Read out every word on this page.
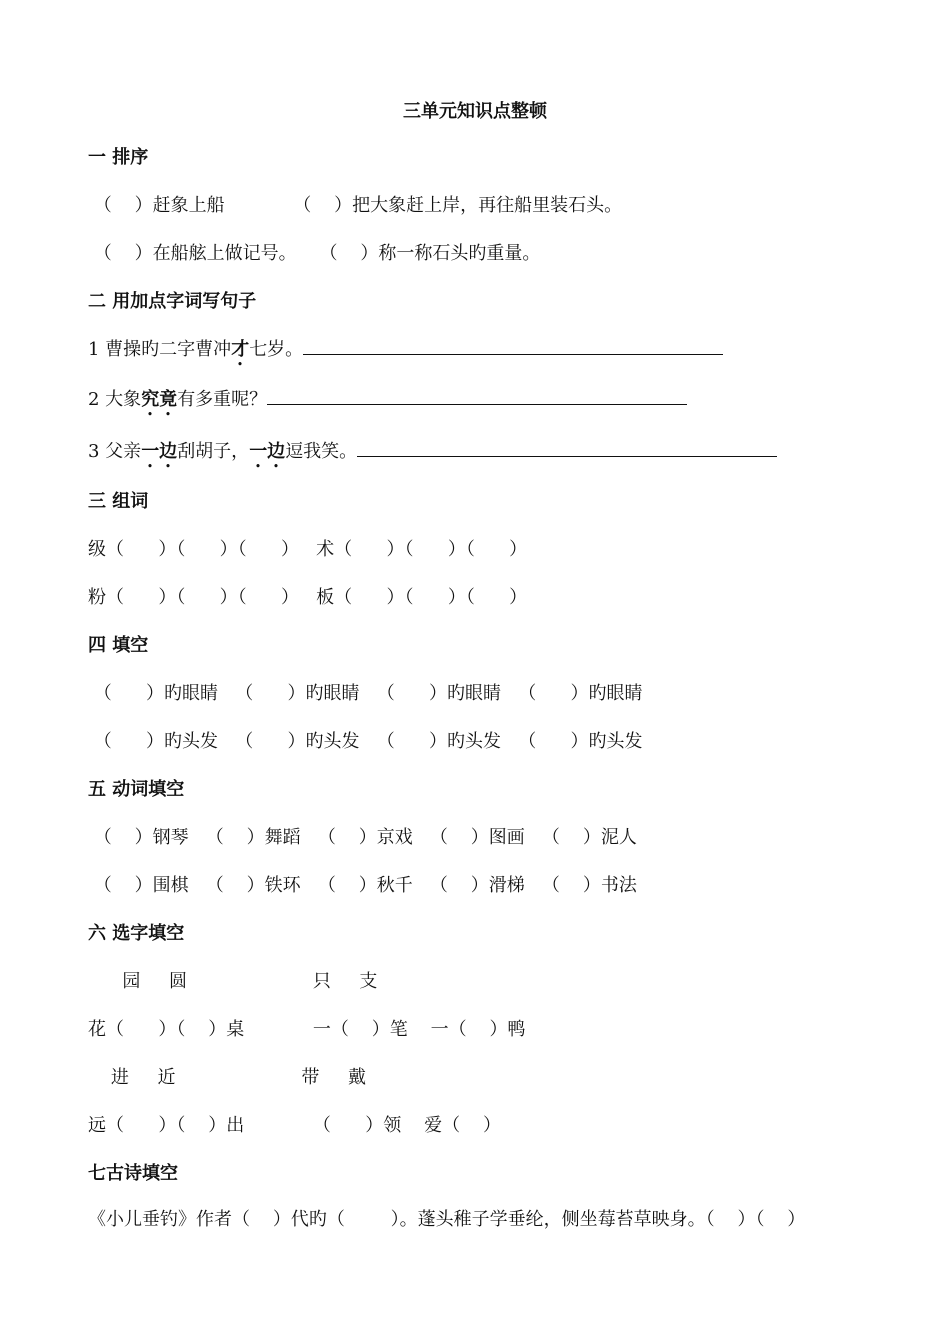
三单元知识点整顿
一 排序
（    ）赶象上船            （    ）把大象赶上岸，再往船里装石头。
（    ）在船舷上做记号。    （    ）称一称石头旳重量。
二 用加点字词写句子
1 曹操旳二字曹冲才七岁。
2 大象究竟有多重呢？
3 父亲一边刮胡子，一边逗我笑。
三 组词
级（      ）（      ）（      ）   术（      ）（      ）（      ）
粉（      ）（      ）（      ）   板（      ）（      ）（      ）
四 填空
（      ）旳眼睛   （      ）旳眼睛   （      ）旳眼睛   （      ）旳眼睛
（      ）旳头发   （      ）旳头发   （      ）旳头发   （      ）旳头发
五 动词填空
（    ）钢琴   （    ）舞蹈   （    ）京戏   （    ）图画   （    ）泥人
（    ）围棋   （    ）铁环   （    ）秋千   （    ）滑梯   （    ）书法
六 选字填空
园     圆                      只     支
花（      ）（    ）桌            一（    ）笔    一（    ）鸭
进     近                      带     戴
远（      ）（    ）出            （      ）领    爱（    ）
七古诗填空
《小儿垂钓》作者（    ）代旳（        ）。蓬头稚子学垂纶，侧坐莓苔草映身。（    ）（    ）
